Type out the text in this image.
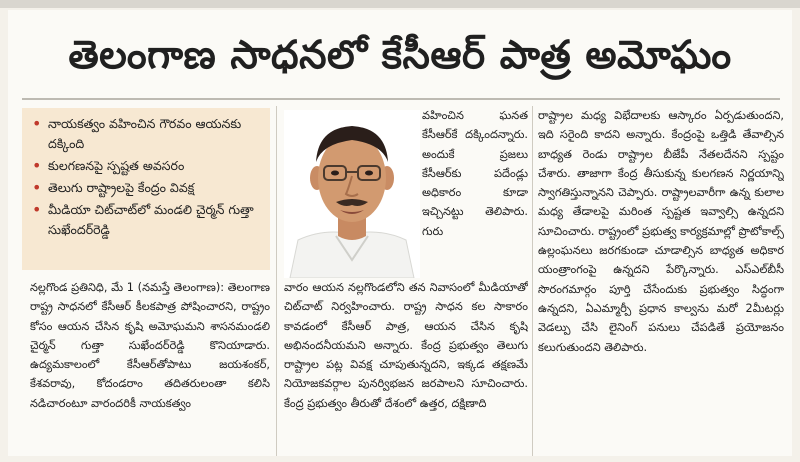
తెలంగాణ సాధనలో కేసీఆర్ పాత్ర అమోఘం
• నాయకత్వం వహించిన గౌరవం ఆయనకు దక్కింది
• కులగణనపై స్పష్టత అవసరం
• తెలుగు రాష్ట్రాలపై కేంద్రం వివక్ష
• మీడియా చిట్‌చాట్‌లో మండలి చైర్మన్ గుత్తా సుఖేందర్‌రెడ్డి

నల్లగొండ ప్రతినిధి, మే 1 (నమస్తే తెలంగాణ): తెలంగాణ రాష్ట్ర సాధనలో కేసీఆర్ కీలకపాత్ర పోషించారని, రాష్ట్రం కోసం ఆయన చేసిన కృషి అమోఘమని శాసనమండలి చైర్మన్ గుత్తా సుఖేందర్‌రెడ్డి కొనియాడారు. ఉద్యమకాలంలో కేసీఆర్‌తోపాటు జయశంకర్, కేశవరావు, కోదండరాం తదితరులంతా కలిసి నడిచారంటూ వారందరికీ నాయకత్వం

వహించిన ఘనత కేసీఆర్‌కే దక్కిందన్నారు. అందుకే ప్రజలు కేసీఆర్‌కు పదేండ్లు అధికారం కూడా ఇచ్చినట్టు తెలిపారు. గురు

వారం ఆయన నల్లగొండలోని తన నివాసంలో మీడియాతో చిట్‌చాట్ నిర్వహించారు. రాష్ట్ర సాధన కల సాకారం కావడంలో కేసీఆర్ పాత్ర, ఆయన చేసిన కృషి అభినందనీయమని అన్నారు. కేంద్ర ప్రభుత్వం తెలుగు రాష్ట్రాల పట్ల వివక్ష చూపుతున్నదని, ఇక్కడ తక్షణమే నియోజకవర్గాల పునర్విభజన జరపాలని సూచించారు. కేంద్ర ప్రభుత్వం తీరుతో దేశంలో ఉత్తర, దక్షిణాది

రాష్ట్రాల మధ్య విభేదాలకు ఆస్కారం ఏర్పడుతుందని, ఇది సరైంది కాదని అన్నారు. కేంద్రంపై ఒత్తిడి తేవాల్సిన బాధ్యత రెండు రాష్ట్రాల బీజేపీ నేతలదేనని స్పష్టం చేశారు. తాజాగా కేంద్ర తీసుకున్న కులగణన నిర్ణయాన్ని స్వాగతిస్తున్నానని చెప్పారు. రాష్ట్రాలవారీగా ఉన్న కులాల మధ్య తేడాలపై మరింత స్పష్టత ఇవ్వాల్సి ఉన్నదని సూచించారు. రాష్ట్రంలో ప్రభుత్వ కార్యక్రమాల్లో ప్రొటోకాల్స్ ఉల్లంఘనలు జరగకుండా చూడాల్సిన బాధ్యత అధికార యంత్రాంగంపై ఉన్నదని పేర్కొన్నారు. ఎస్ఎల్‌బీసీ సొరంగమార్గం పూర్తి చేసేందుకు ప్రభుత్వం సిద్ధంగా ఉన్నదని, ఏఎమ్మార్పీ ప్రధాన కాల్వను మరో 2మీటర్లు వెడల్పు చేసి లైనింగ్ పనులు చేపడితే ప్రయోజనం కలుగుతుందని తెలిపారు.
